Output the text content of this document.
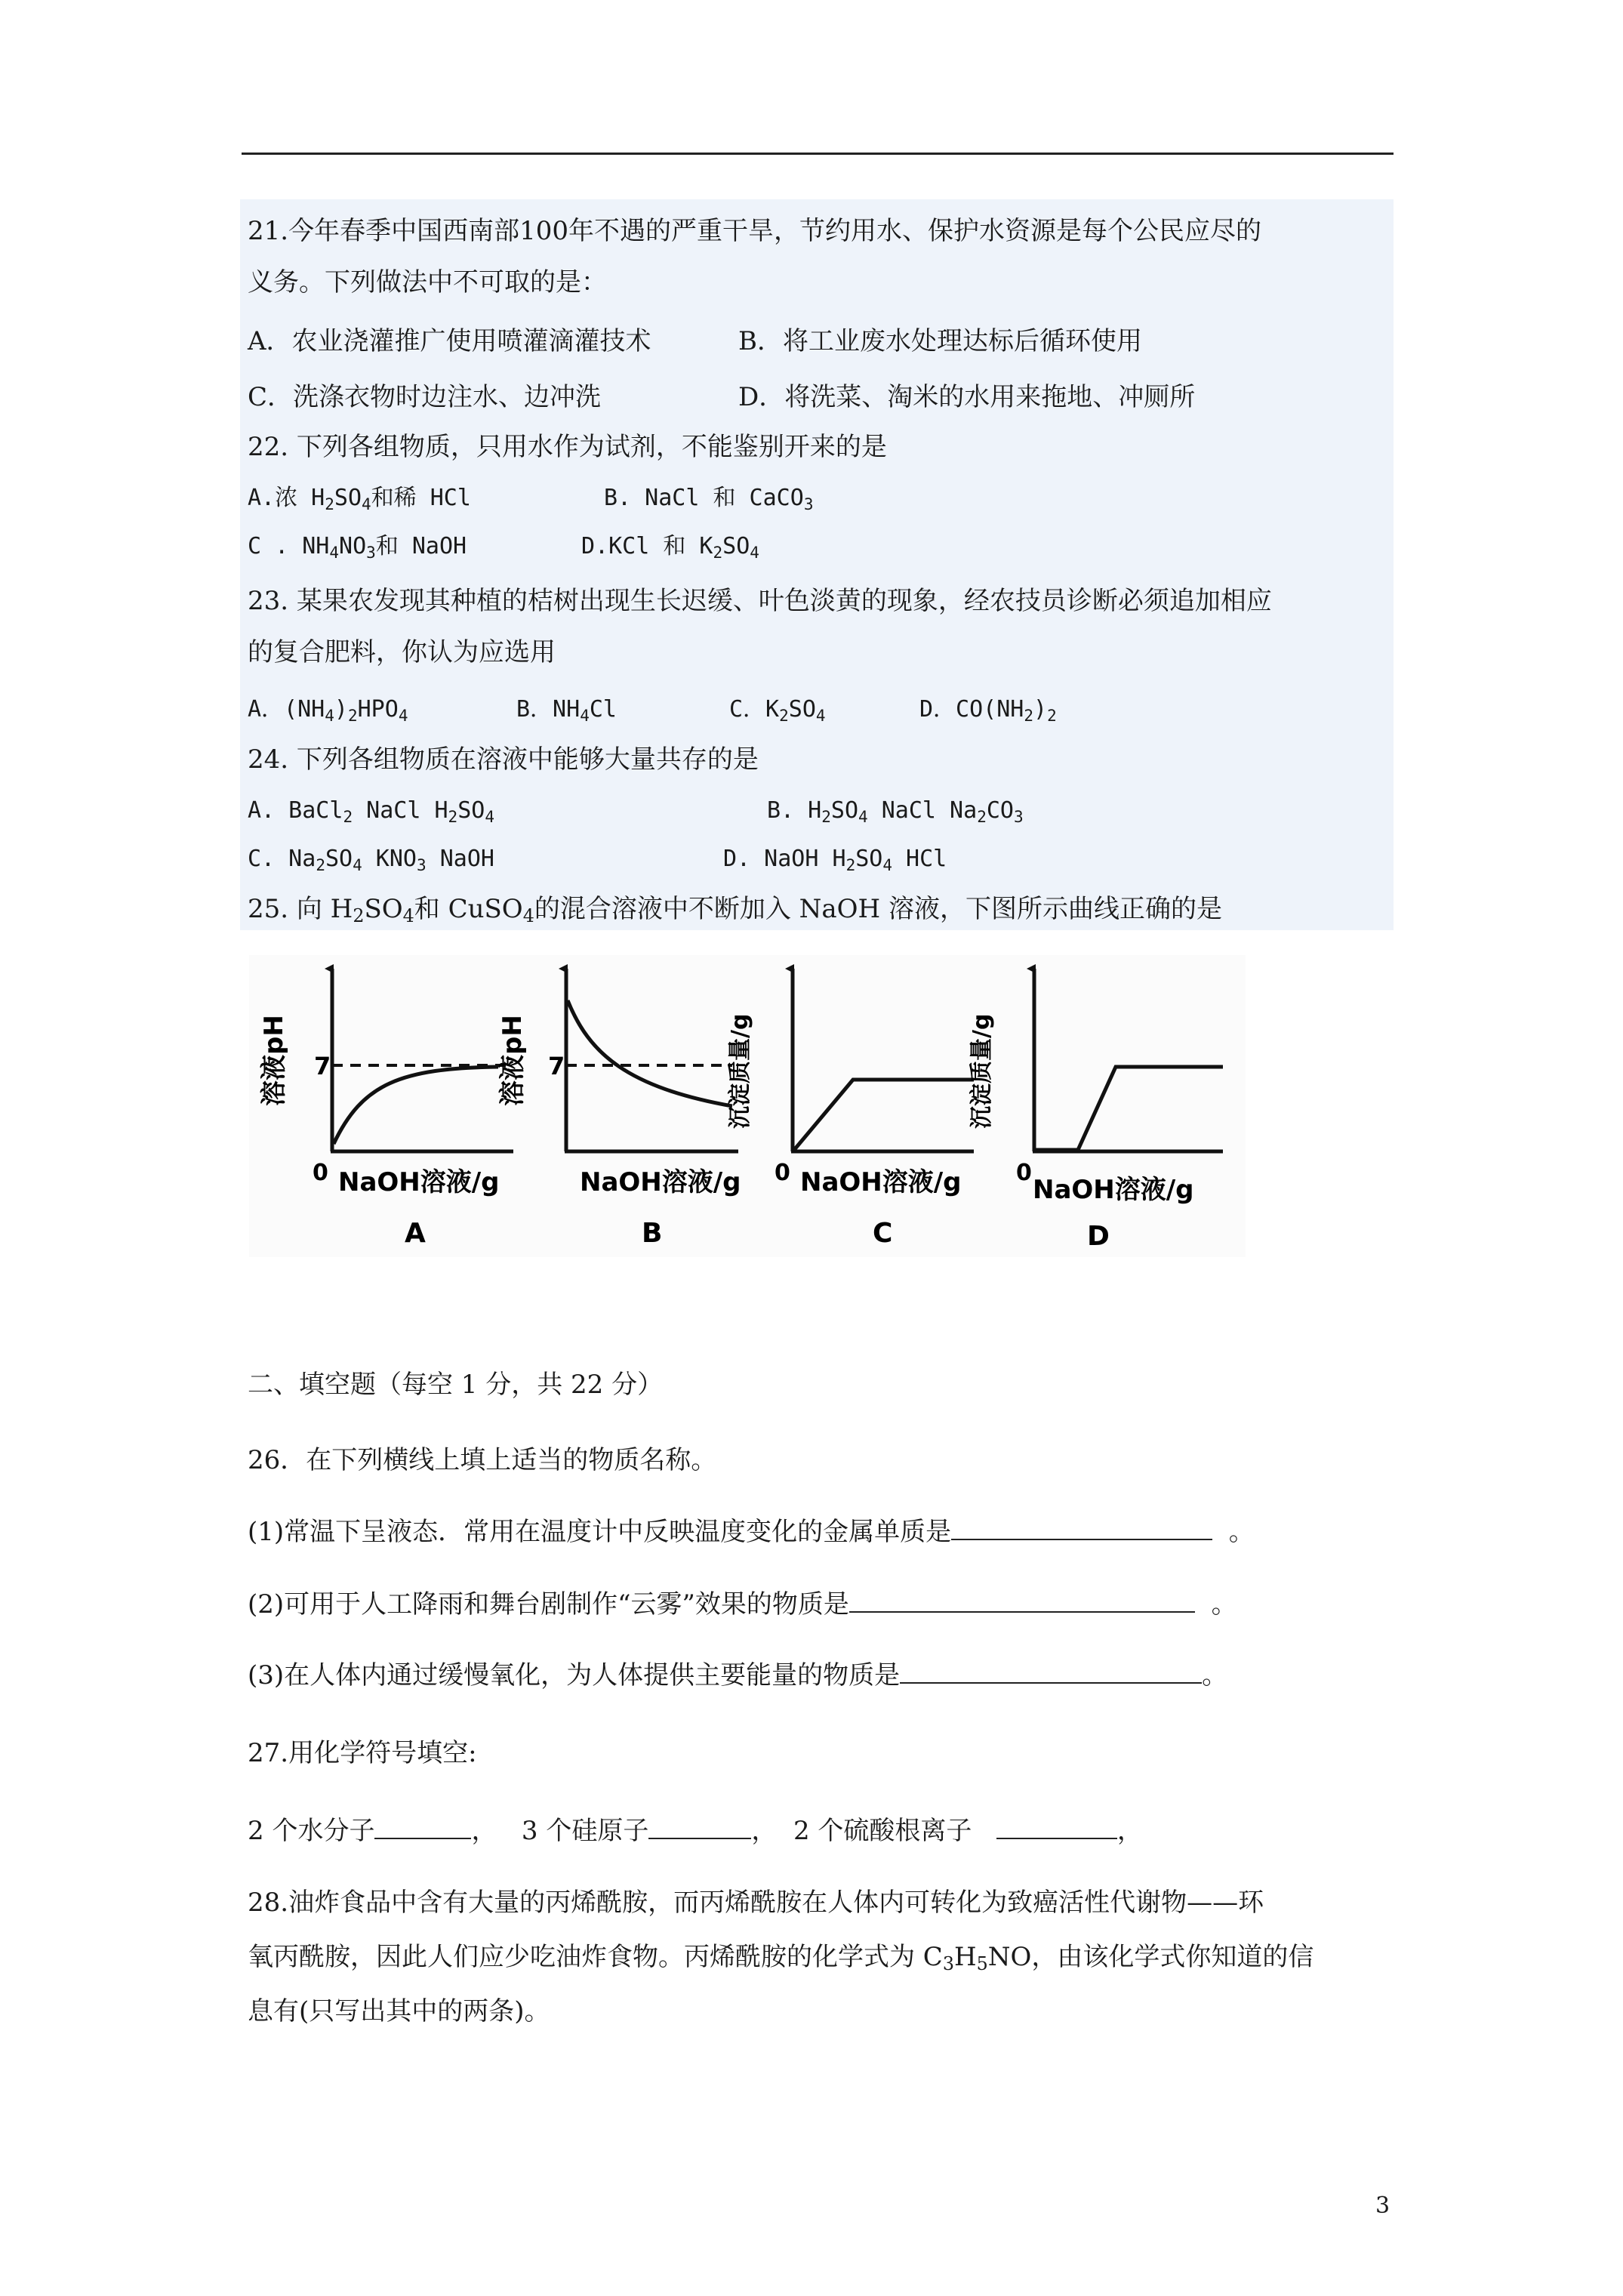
21.今年春季中国西南部100年不遇的严重干旱，节约用水、保护水资源是每个公民应尽的
义务。下列做法中不可取的是：
A．农业浇灌推广使用喷灌滴灌技术	B．将工业废水处理达标后循环使用
C．洗涤衣物时边注水、边冲洗	D．将洗菜、淘米的水用来拖地、冲厕所
22. 下列各组物质，只用水作为试剂，不能鉴别开来的是
A.浓 $H_2SO_4$和稀 HCl	B. NaCl 和 CaCO$_3$
C . $NH_4NO_3$和 NaOH	D.KCl 和 $K_2SO_4$
23. 某果农发现其种植的桔树出现生长迟缓、叶色淡黄的现象，经农技员诊断必须追加相应
的复合肥料，你认为应选用
A．$(NH_4)_2HPO_4$	B．$NH_4Cl$	C．$K_2SO_4$	D．$CO(NH_2)_2$
24. 下列各组物质在溶液中能够大量共存的是
A. BaCl$_2$ NaCl $H_2SO_4$	B. $H_2SO_4$ NaCl $Na_2CO_3$
C. $Na_2SO_4$ $KNO_3$ NaOH	D. NaOH $H_2SO_4$ HCl
25. 向 $H_2SO_4$和 CuSO$_4$的混合溶液中不断加入 NaOH 溶液，下图所示曲线正确的是
溶液pH 7
0 NaOH溶液/g
A
溶液pH 7
NaOH溶液/g
B
沉淀质量/g
0 NaOH溶液/g
C
沉淀质量/g
0
NaOH溶液/g
D
二、填空题（每空 1 分，共 22 分）
26．在下列横线上填上适当的物质名称。
(1)常温下呈液态．常用在温度计中反映温度变化的金属单质是	。
(2)可用于人工降雨和舞台剧制作“云雾”效果的物质是	。
(3)在人体内通过缓慢氧化，为人体提供主要能量的物质是	。
27.用化学符号填空:
2 个水分子	， 3 个硅原子	， 2 个硫酸根离子	，
28.油炸食品中含有大量的丙烯酰胺，而丙烯酰胺在人体内可转化为致癌活性代谢物——环
氧丙酰胺，因此人们应少吃油炸食物。丙烯酰胺的化学式为 $C_3H_5NO$，由该化学式你知道的信
息有(只写出其中的两条)。
3
